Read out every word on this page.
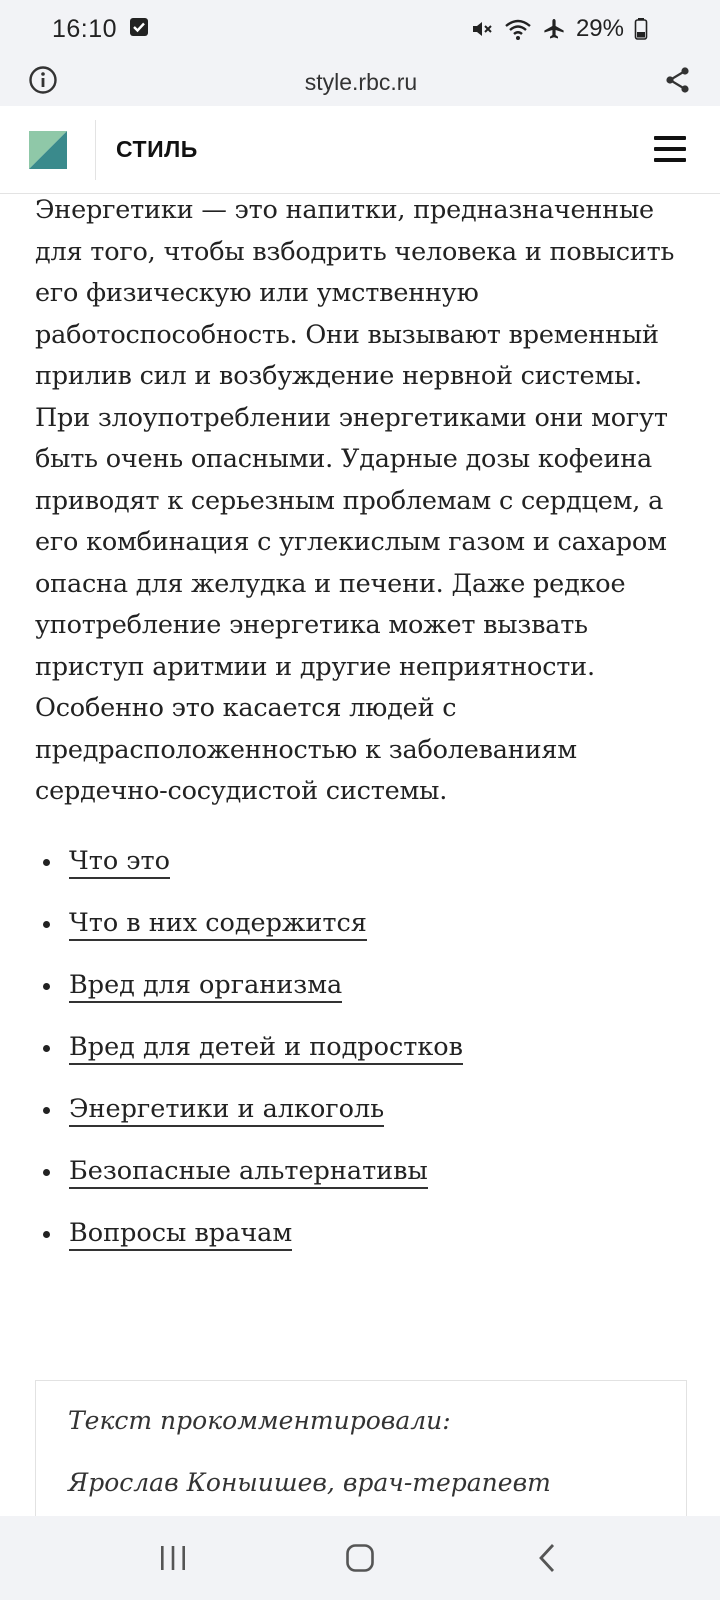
16:10	29%
style.rbc.ru
СТИЛЬ

Энергетики — это напитки, предназначенные для того, чтобы взбодрить человека и повысить его физическую или умственную работоспособность. Они вызывают временный прилив сил и возбуждение нервной системы. При злоупотреблении энергетиками они могут быть очень опасными. Ударные дозы кофеина приводят к серьезным проблемам с сердцем, а его комбинация с углекислым газом и сахаром опасна для желудка и печени. Даже редкое употребление энергетика может вызвать приступ аритмии и другие неприятности. Особенно это касается людей с предрасположенностью к заболеваниям сердечно-сосудистой системы.

Что это
Что в них содержится
Вред для организма
Вред для детей и подростков
Энергетики и алкоголь
Безопасные альтернативы
Вопросы врачам
Текст прокомментировали:
Ярослав Коныишев, врач-терапевт
